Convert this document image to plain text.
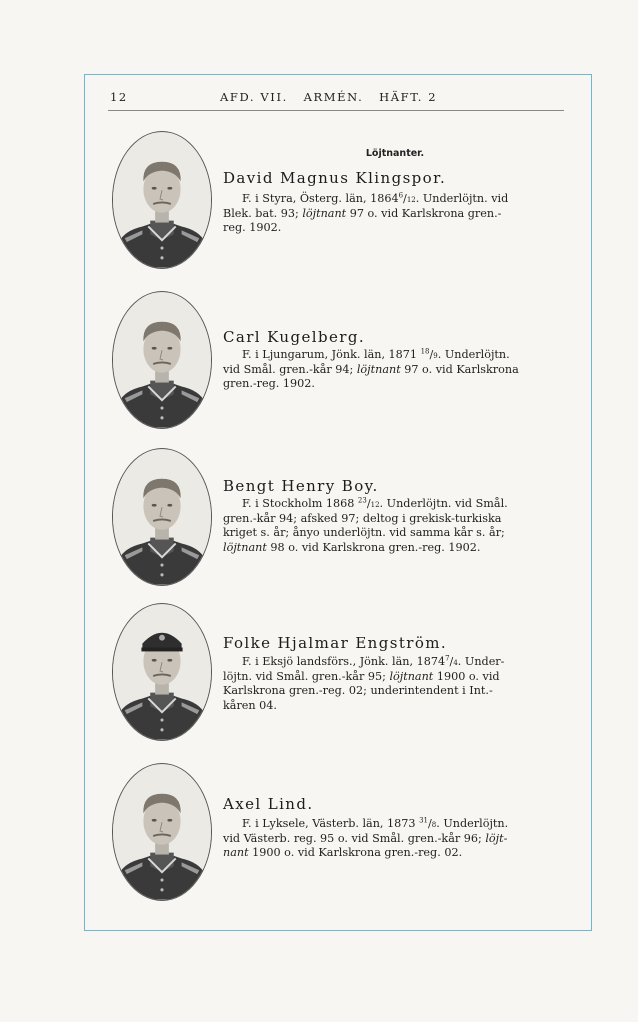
12	AFD. VII.   ARMÉN.   HÄFT. 2
Löjtnanter.
David Magnus Klingspor.
F. i Styra, Österg. län, 1864$^6$/12. Underlöjtn. vid
Blek. bat. 93; löjtnant 97 o. vid Karlskrona gren.-
reg. 1902.
Carl Kugelberg.
F. i Ljungarum, Jönk. län, 1871 $^{18}$/9. Underlöjtn.
vid Smål. gren.-kår 94; löjtnant 97 o. vid Karlskrona
gren.-reg. 1902.
Bengt Henry Boy.
F. i Stockholm 1868 $^{23}$/12. Underlöjtn. vid Smål.
gren.-kår 94; afsked 97; deltog i grekisk-turkiska
kriget s. år; ånyo underlöjtn. vid samma kår s. år;
löjtnant 98 o. vid Karlskrona gren.-reg. 1902.
Folke Hjalmar Engström.
F. i Eksjö landsförs., Jönk. län, 1874$^7$/4. Under-
löjtn. vid Smål. gren.-kår 95; löjtnant 1900 o. vid
Karlskrona gren.-reg. 02; underintendent i Int.-
kåren 04.
Axel Lind.
F. i Lyksele, Västerb. län, 1873 $^{31}$/8. Underlöjtn.
vid Västerb. reg. 95 o. vid Smål. gren.-kår 96; löjt-
nant 1900 o. vid Karlskrona gren.-reg. 02.
